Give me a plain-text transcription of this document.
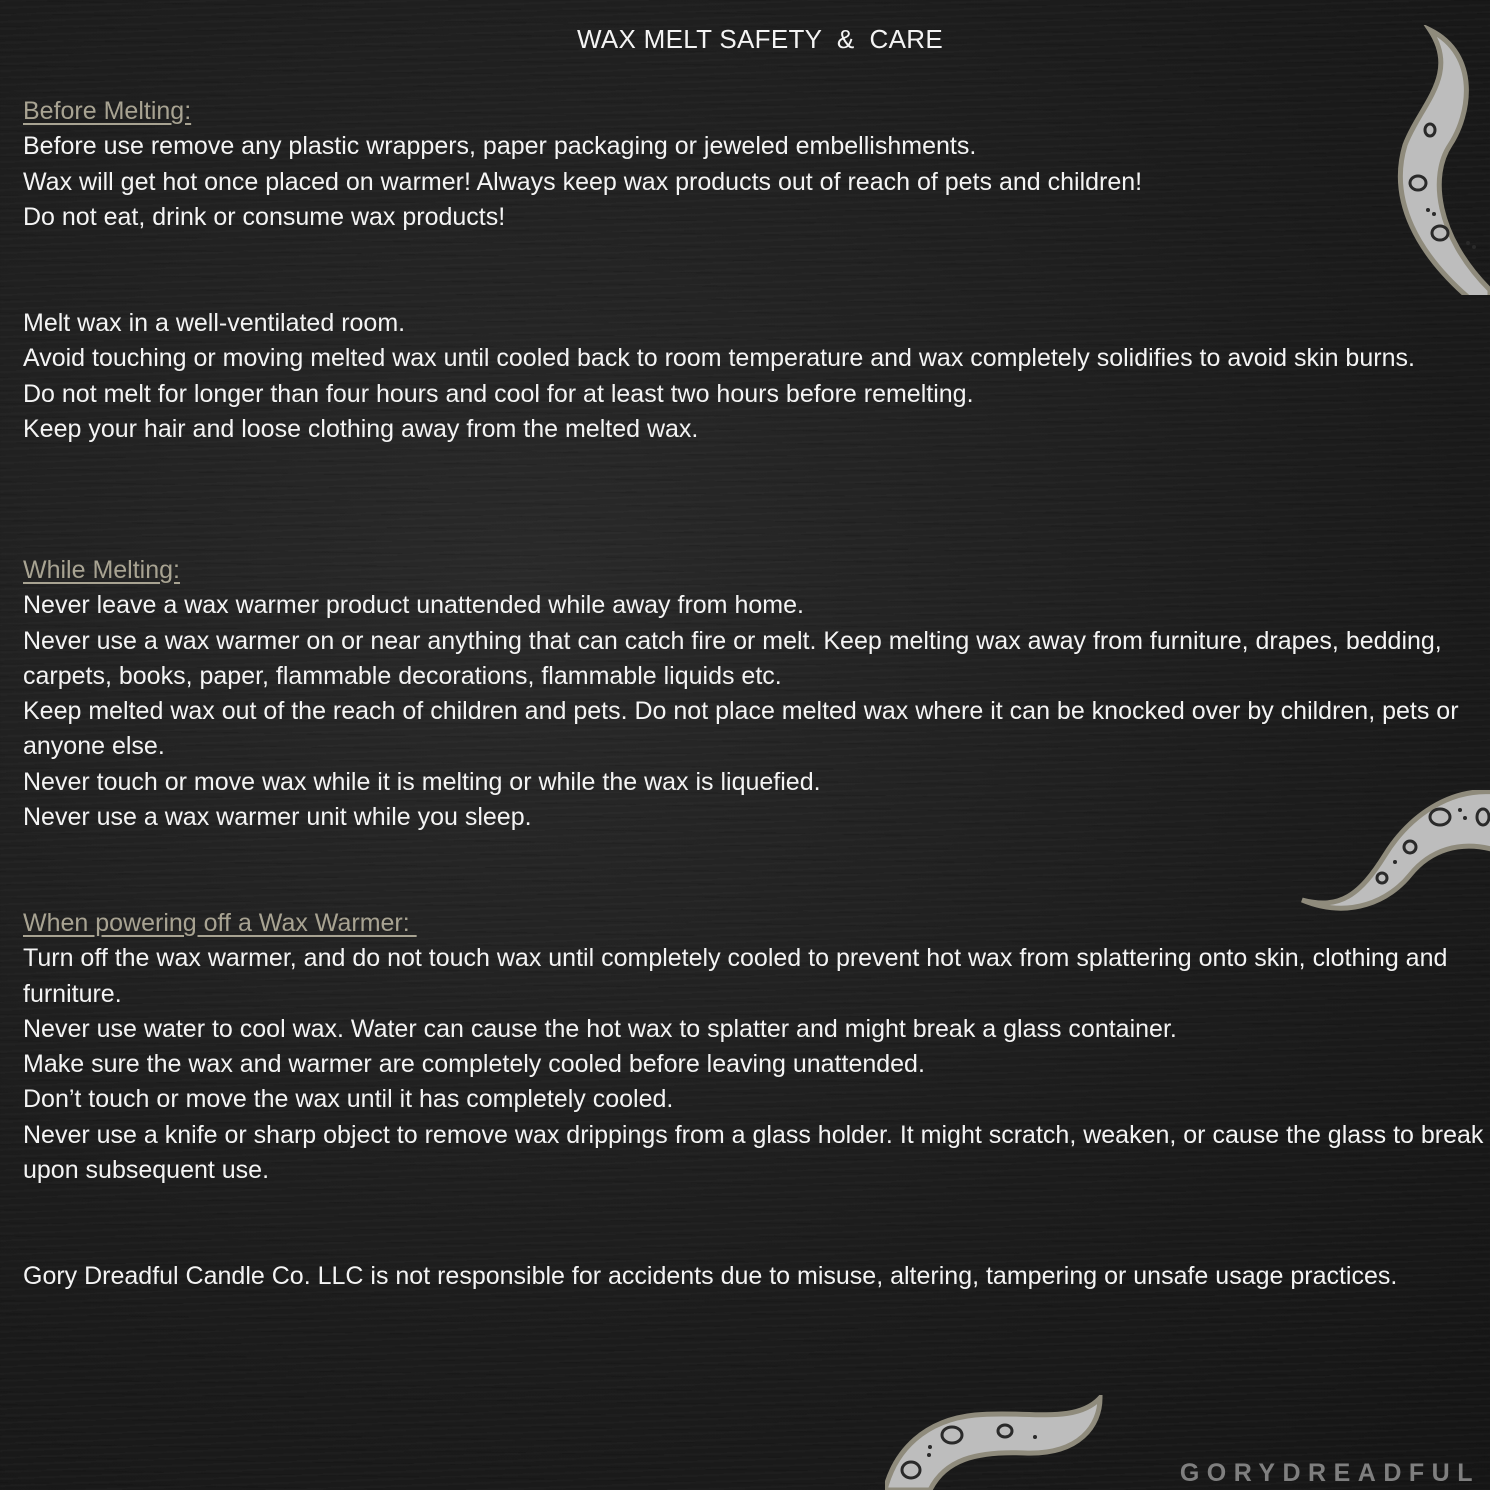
WAX MELT SAFETY  &  CARE
Before Melting:

Before use remove any plastic wrappers, paper packaging or jeweled embellishments.

Wax will get hot once placed on warmer! Always keep wax products out of reach of pets and children!

Do not eat, drink or consume wax products!

Melt wax in a well-ventilated room.

Avoid touching or moving melted wax until cooled back to room temperature and wax completely solidifies to avoid skin burns.

Do not melt for longer than four hours and cool for at least two hours before remelting.

Keep your hair and loose clothing away from the melted wax.

While Melting:

Never leave a wax warmer product unattended while away from home.

Never use a wax warmer on or near anything that can catch fire or melt. Keep melting wax away from furniture, drapes, bedding, carpets, books, paper, flammable decorations, flammable liquids etc.

Keep melted wax out of the reach of children and pets. Do not place melted wax where it can be knocked over by children, pets or anyone else.

Never touch or move wax while it is melting or while the wax is liquefied.

Never use a wax warmer unit while you sleep.

When powering off a Wax Warmer:

Turn off the wax warmer, and do not touch wax until completely cooled to prevent hot wax from splattering onto skin, clothing and furniture.

Never use water to cool wax. Water can cause the hot wax to splatter and might break a glass container.

Make sure the wax and warmer are completely cooled before leaving unattended.

Don’t touch or move the wax until it has completely cooled.

Never use a knife or sharp object to remove wax drippings from a glass holder. It might scratch, weaken, or cause the glass to break upon subsequent use.

Gory Dreadful Candle Co. LLC is not responsible for accidents due to misuse, altering, tampering or unsafe usage practices.

GORYDREADFUL
